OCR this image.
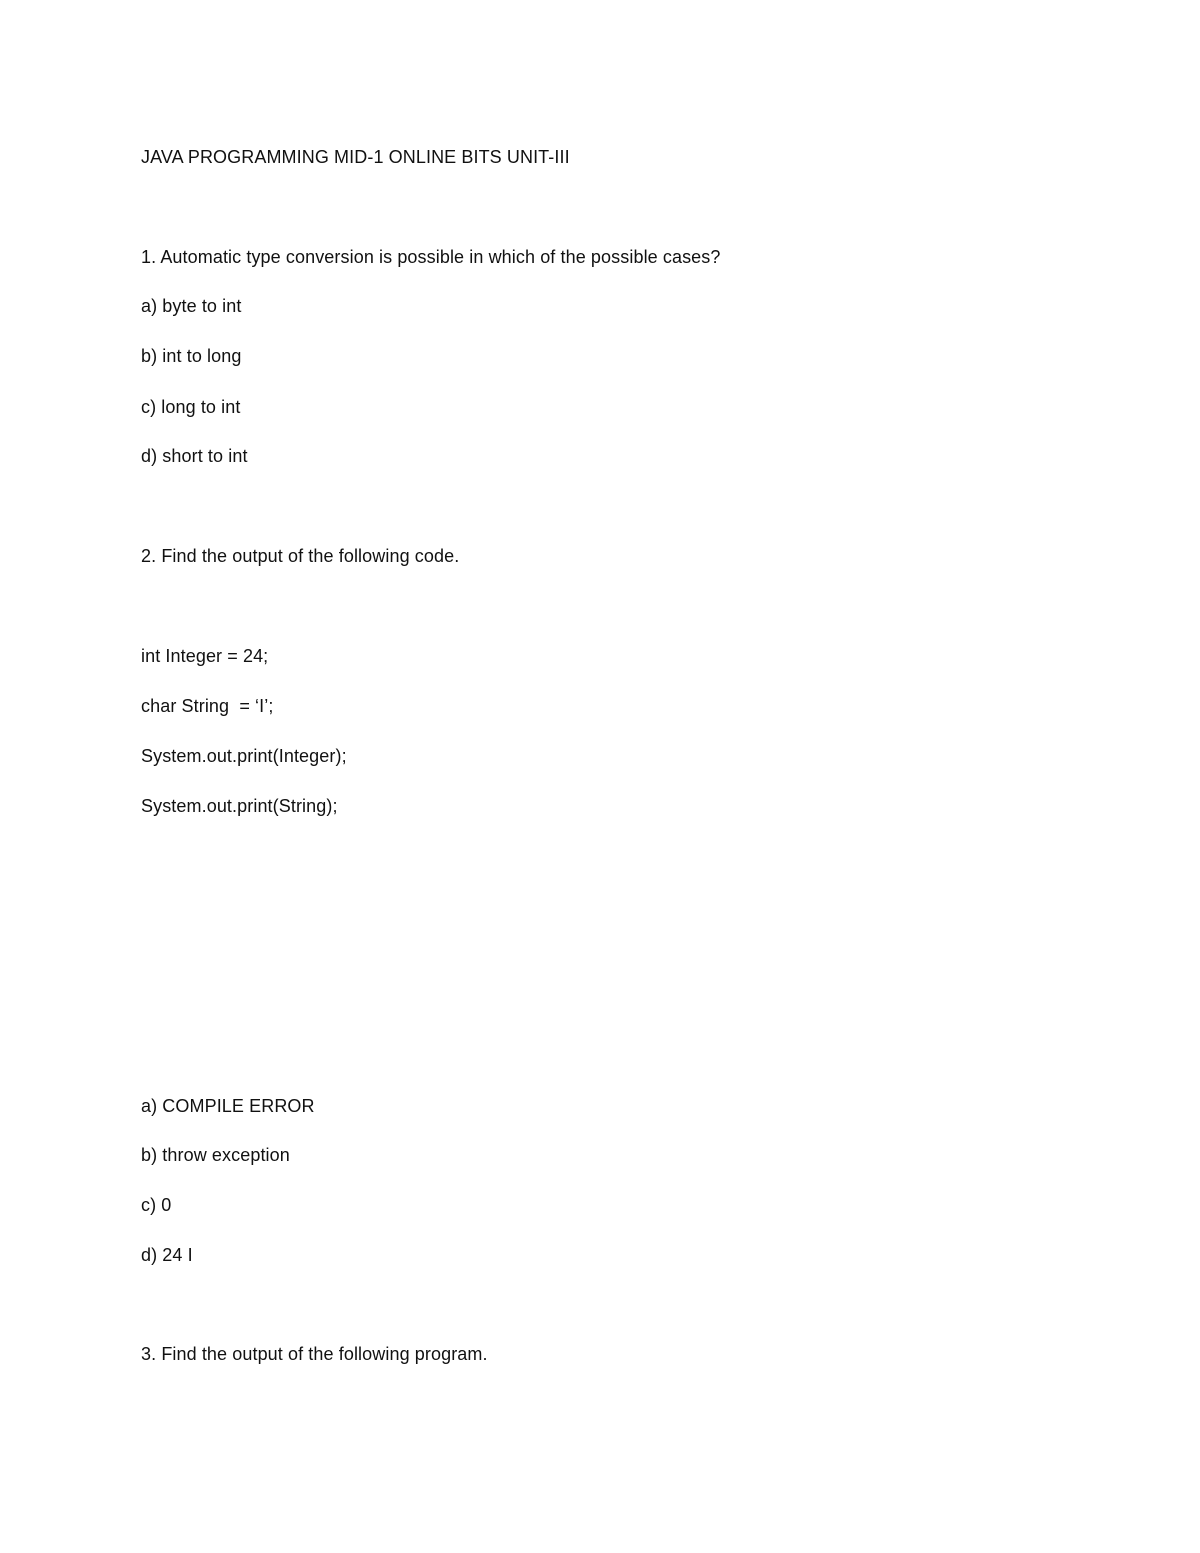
JAVA PROGRAMMING MID-1 ONLINE BITS UNIT-III
1. Automatic type conversion is possible in which of the possible cases?
a) byte to int
b) int to long
c) long to int
d) short to int
2. Find the output of the following code.
int Integer = 24;
char String  = ‘I’;
System.out.print(Integer);
System.out.print(String);
a) COMPILE ERROR
b) throw exception
c) 0
d) 24 I
3. Find the output of the following program.
